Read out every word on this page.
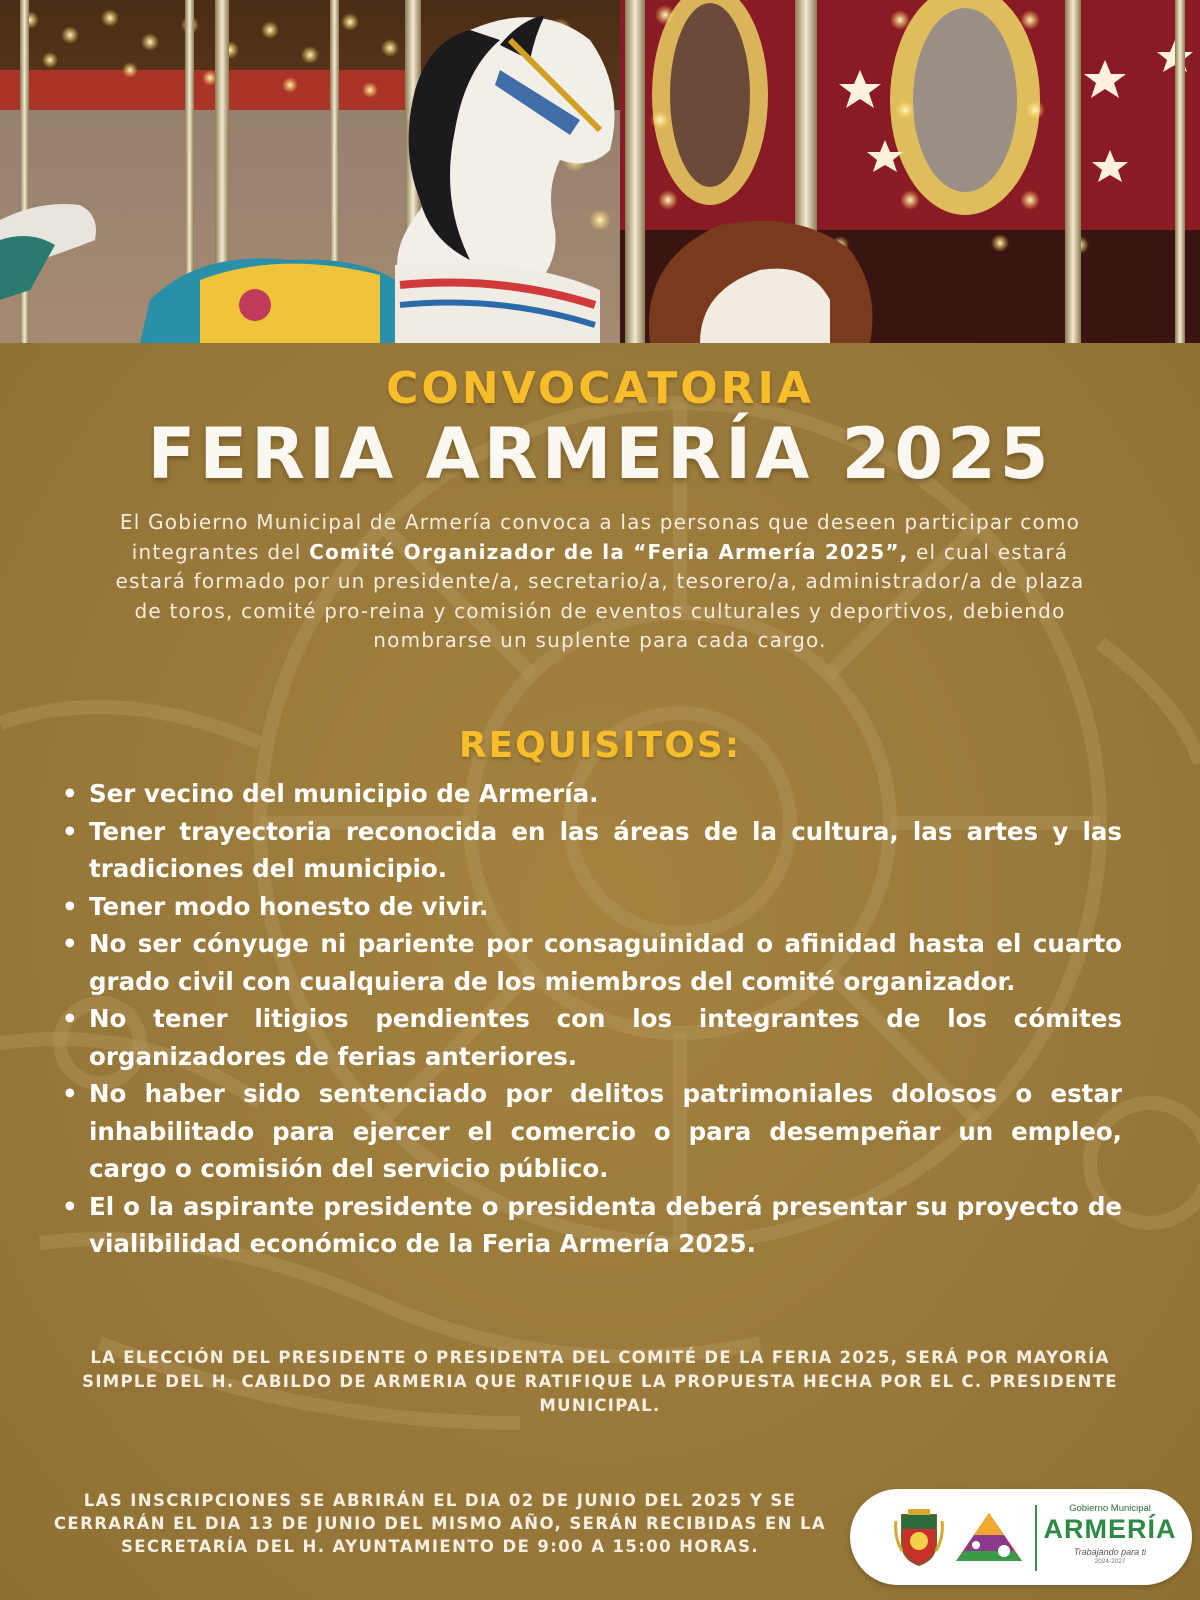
CONVOCATORIA
FERIA ARMERÍA 2025
El Gobierno Municipal de Armería convoca a las personas que deseen participar como integrantes del Comité Organizador de la “Feria Armería 2025”, el cual estará estará formado por un presidente/a, secretario/a, tesorero/a, administrador/a de plaza de toros, comité pro-reina y comisión de eventos culturales y deportivos, debiendo nombrarse un suplente para cada cargo.
REQUISITOS:
• Ser vecino del municipio de Armería.
• Tener trayectoria reconocida en las áreas de la cultura, las artes y las tradiciones del municipio.
• Tener modo honesto de vivir.
• No ser cónyuge ni pariente por consaguinidad o afinidad hasta el cuarto grado civil con cualquiera de los miembros del comité organizador.
• No tener litigios pendientes con los integrantes de los cómites organizadores de ferias anteriores.
• No haber sido sentenciado por delitos patrimoniales dolosos o estar inhabilitado para ejercer el comercio o para desempeñar un empleo, cargo o comisión del servicio público.
• El o la aspirante presidente o presidenta deberá presentar su proyecto de vialibilidad económico de la Feria Armería 2025.
LA ELECCIÓN DEL PRESIDENTE O PRESIDENTA DEL COMITÉ DE LA FERIA 2025, SERÁ POR MAYORÍA SIMPLE DEL H. CABILDO DE ARMERIA QUE RATIFIQUE LA PROPUESTA HECHA POR EL C. PRESIDENTE MUNICIPAL.
LAS INSCRIPCIONES SE ABRIRÁN EL DIA 02 DE JUNIO DEL 2025 Y SE CERRARÁN EL DIA 13 DE JUNIO DEL MISMO AÑO, SERÁN RECIBIDAS EN LA SECRETARÍA DEL H. AYUNTAMIENTO DE 9:00 A 15:00 HORAS.
Gobierno Municipal
ARMERÍA
Trabajando para ti
2024-2027
